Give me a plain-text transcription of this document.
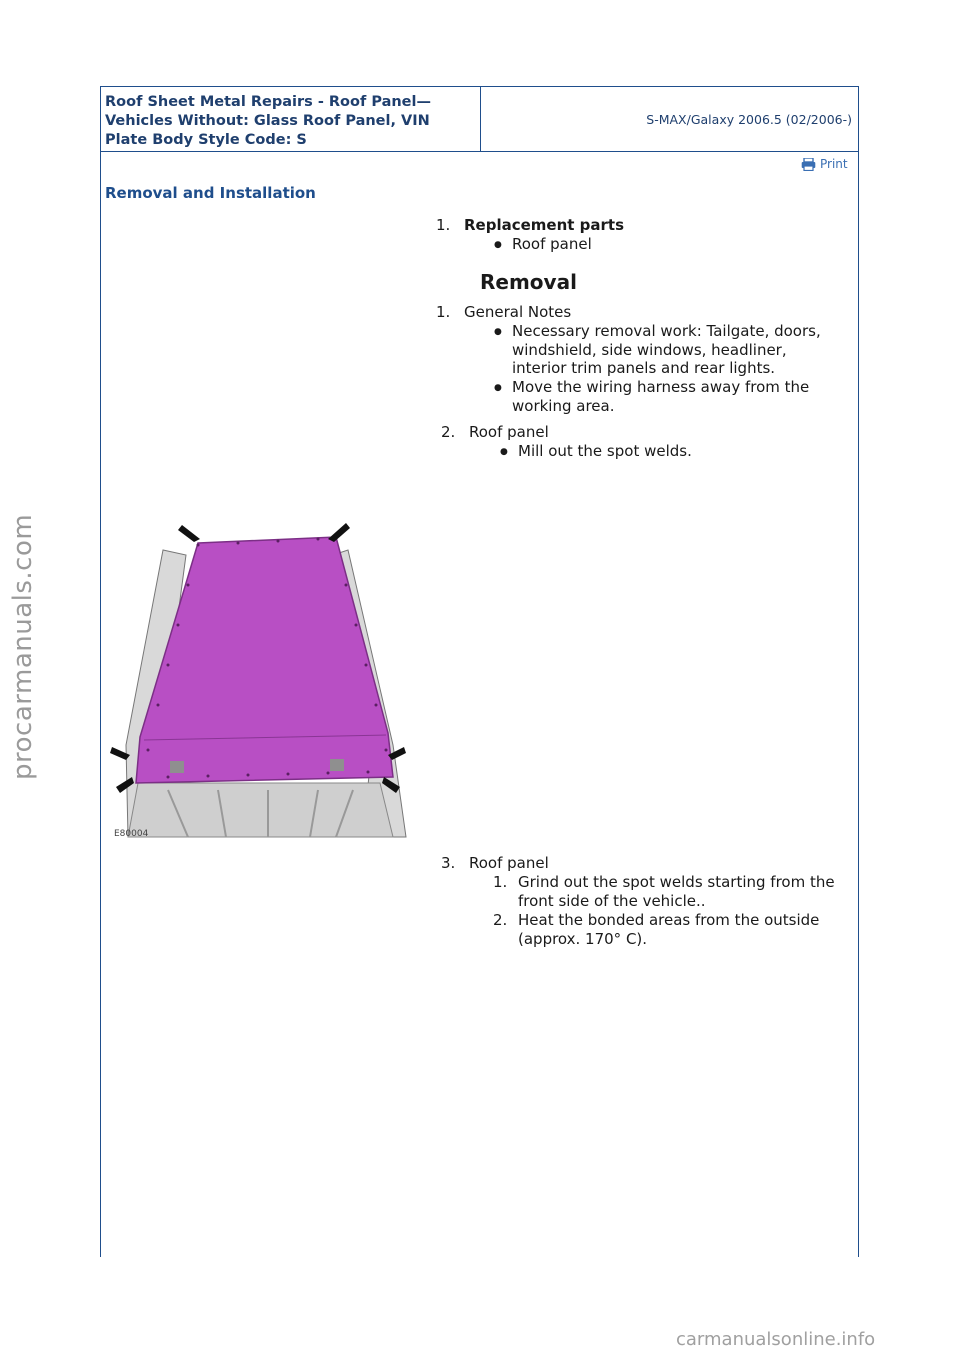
Roof Sheet Metal Repairs - Roof Panel—
Vehicles Without: Glass Roof Panel, VIN
Plate Body Style Code: S
S-MAX/Galaxy 2006.5 (02/2006-)
Print
Removal and Installation
1. Replacement parts
● Roof panel
Removal
1. General Notes
● Necessary removal work: Tailgate, doors,
windshield, side windows, headliner,
interior trim panels and rear lights.
● Move the wiring harness away from the
working area.
2. Roof panel
● Mill out the spot welds.
E80004
3. Roof panel
1. Grind out the spot welds starting from the
front side of the vehicle..
2. Heat the bonded areas from the outside
(approx. 170° C).
procarmanuals.com
carmanualsonline.info
